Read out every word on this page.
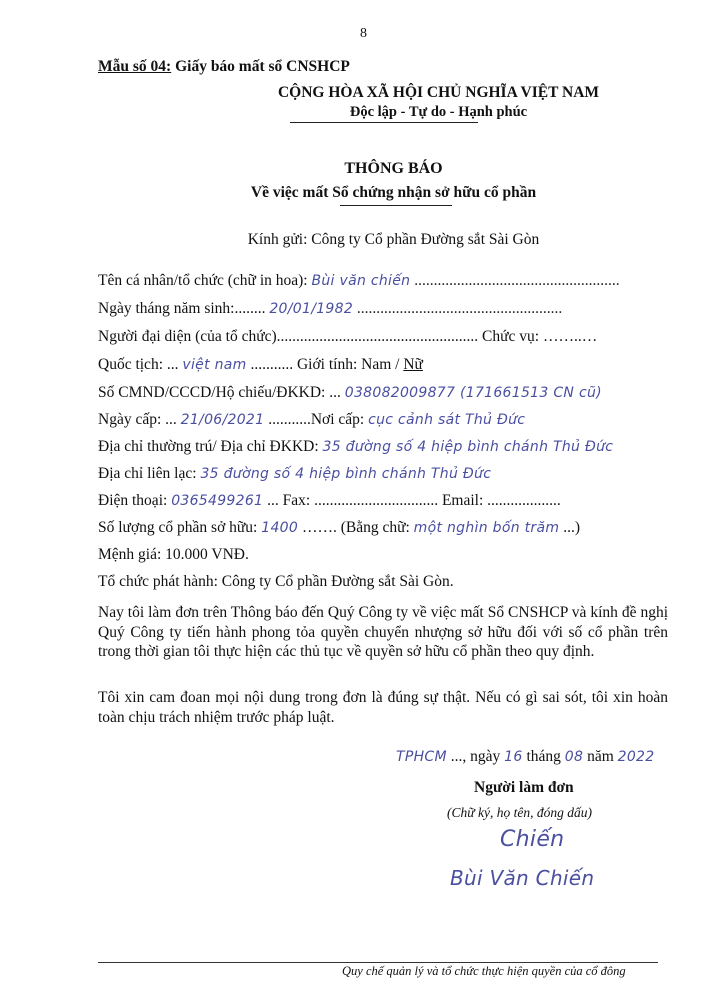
8
Mẫu số 04: Giấy báo mất sổ CNSHCP
CỘNG HÒA XÃ HỘI CHỦ NGHĨA VIỆT NAM
Độc lập - Tự do - Hạnh phúc
THÔNG BÁO
Về việc mất Sổ chứng nhận sở hữu cổ phần
Kính gửi: Công ty Cổ phần Đường sắt Sài Gòn
Tên cá nhân/tổ chức (chữ in hoa): Bùi văn chiến .....................................................
Ngày tháng năm sinh:........ 20/01/1982 .....................................................
Người đại diện (của tổ chức).................................................... Chức vụ: ……..…
Quốc tịch: ... việt nam ........... Giới tính: Nam / Nữ
Số CMND/CCCD/Hộ chiếu/ĐKKD: ... 038082009877 (171661513 CN cũ)
Ngày cấp: ... 21/06/2021 ...........Nơi cấp: cục cảnh sát Thủ Đức
Địa chỉ thường trú/ Địa chỉ ĐKKD: 35 đường số 4 hiệp bình chánh Thủ Đức
Địa chỉ liên lạc: 35 đường số 4 hiệp bình chánh Thủ Đức
Điện thoại: 0365499261 ... Fax: ................................ Email: ...................
Số lượng cổ phần sở hữu: 1400 ……. (Bằng chữ: một nghìn bốn trăm ...)
Mệnh giá: 10.000 VNĐ.
Tổ chức phát hành: Công ty Cổ phần Đường sắt Sài Gòn.
Nay tôi làm đơn trên Thông báo đến Quý Công ty về việc mất Sổ CNSHCP và kính đề nghị Quý Công ty tiến hành phong tỏa quyền chuyển nhượng sở hữu đối với số cổ phần trên trong thời gian tôi thực hiện các thủ tục về quyền sở hữu cổ phần theo quy định.
Tôi xin cam đoan mọi nội dung trong đơn là đúng sự thật. Nếu có gì sai sót, tôi xin hoàn toàn chịu trách nhiệm trước pháp luật.
TPHCM ..., ngày 16 tháng 08 năm 2022
Người làm đơn
(Chữ ký, họ tên, đóng dấu)
Chiến
Bùi Văn Chiến
Quy chế quản lý và tổ chức thực hiện quyền của cổ đông
